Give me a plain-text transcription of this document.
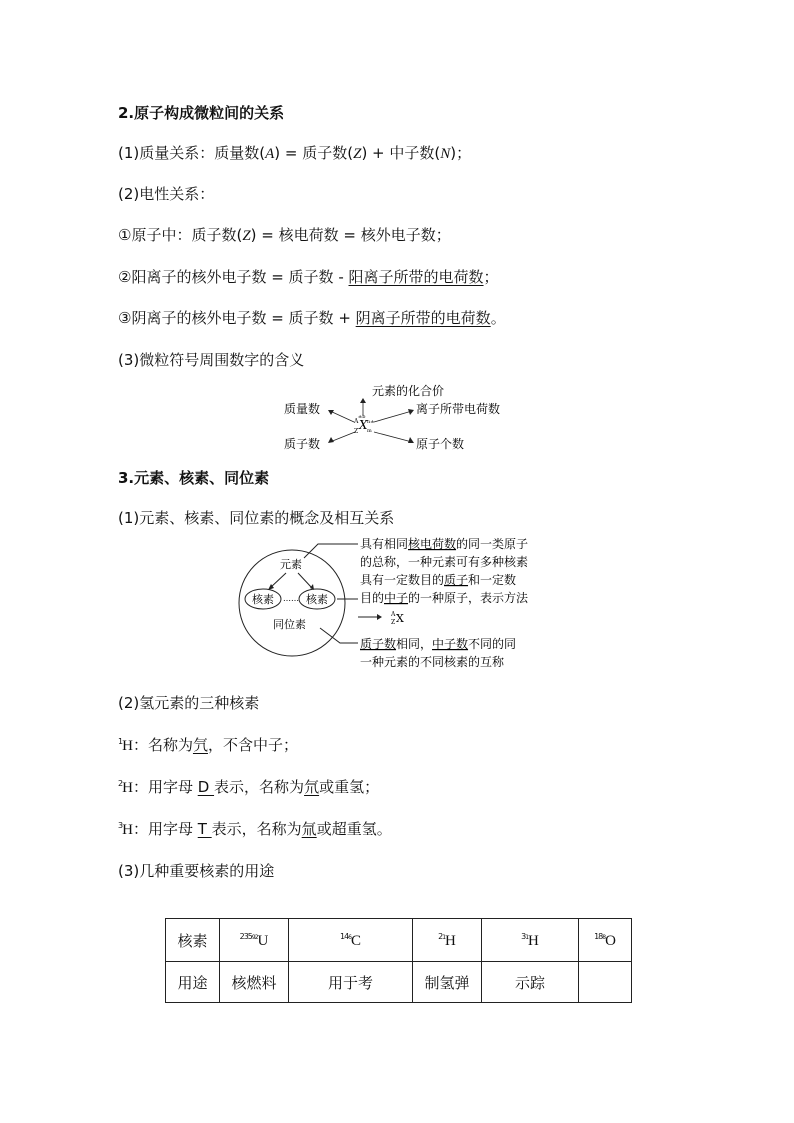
2.原子构成微粒间的关系
(1)质量关系：质量数(A) = 质子数(Z) + 中子数(N)；
(2)电性关系：
①原子中：质子数(Z) = 核电荷数 = 核外电子数；
②阳离子的核外电子数 = 质子数 - 阳离子所带的电荷数；
③阴离子的核外电子数 = 质子数 + 阴离子所带的电荷数。
(3)微粒符号周围数字的含义
元素的化合价
质量数	离子所带电荷数
质子数	原子个数
X
A
Z
±b
n±
m
3.元素、核素、同位素
(1)元素、核素、同位素的概念及相互关系
元素
核素	核素
……
同位素
具有相同核电荷数的同一类原子
的总称，一种元素可有多种核素
具有一定数目的质子和一定数
目的中子的一种原子，表示方法
A
Z X
质子数相同，中子数不同的同
一种元素的不同核素的互称
(2)氢元素的三种核素
$^1$H：名称为氕，不含中子；
$^2$H：用字母 D 表示，名称为氘或重氢；
$^3$H：用字母 T 表示，名称为氚或超重氢。
(3)几种重要核素的用途
核素	$^{23592}$U	$^{146}$C	$^{21}$H	$^{31}$H	$^{188}$O
用途	核燃料	用于考	制氢弹	示踪	
